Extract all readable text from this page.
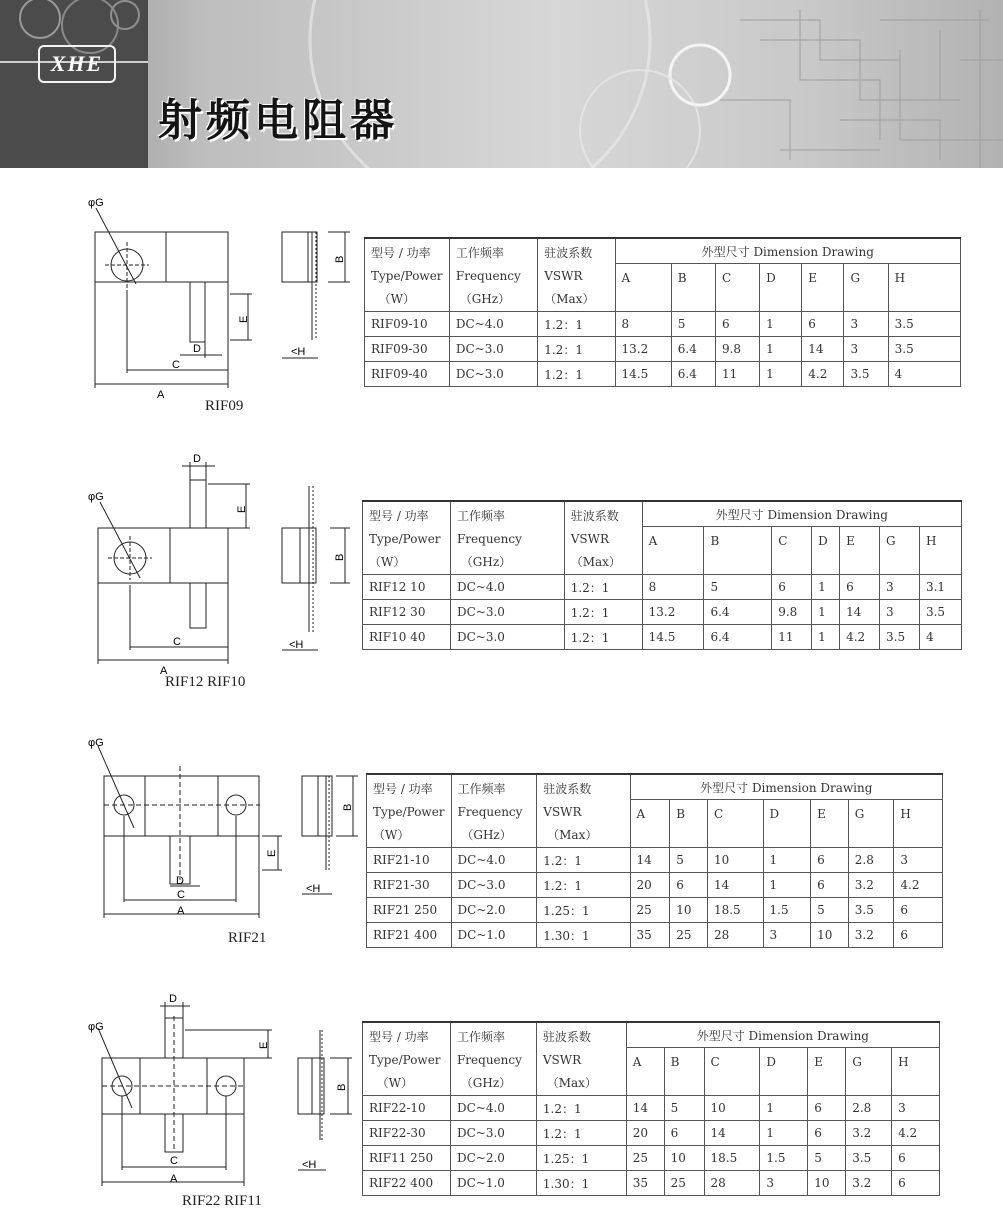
XHE
射频电阻器
φG
A
C
D
E
B
<H
RIF09
型号 / 功率
Type/Power
（W）	工作频率
Frequency
（GHz）	驻波系数
VSWR
（Max）	外型尺寸 Dimension Drawing						
			A	B	C	D	E	G	H
RIF09-10	DC~4.0	1.2：1	8	5	6	1	6	3	3.5
RIF09-30	DC~3.0	1.2：1	13.2	6.4	9.8	1	14	3	3.5
RIF09-40	DC~3.0	1.2：1	14.5	6.4	11	1	4.2	3.5	4
φG
A
C
D
E
B
<H
RIF12 RIF10
型号 / 功率
Type/Power
（W）	工作频率
Frequency
（GHz）	驻波系数
VSWR
（Max）	外型尺寸 Dimension Drawing						
			A	B	C	D	E	G	H
RIF12 10	DC~4.0	1.2：1	8	5	6	1	6	3	3.1
RIF12 30	DC~3.0	1.2：1	13.2	6.4	9.8	1	14	3	3.5
RIF10 40	DC~3.0	1.2：1	14.5	6.4	11	1	4.2	3.5	4
φG
A
C
D
E
B
<H
RIF21
型号 / 功率
Type/Power
（W）	工作频率
Frequency
（GHz）	驻波系数
VSWR
（Max）	外型尺寸 Dimension Drawing						
			A	B	C	D	E	G	H
RIF21-10	DC~4.0	1.2：1	14	5	10	1	6	2.8	3
RIF21-30	DC~3.0	1.2：1	20	6	14	1	6	3.2	4.2
RIF21 250	DC~2.0	1.25：1	25	10	18.5	1.5	5	3.5	6
RIF21 400	DC~1.0	1.30：1	35	25	28	3	10	3.2	6
φG
A
C
D
E
B
<H
RIF22 RIF11
型号 / 功率
Type/Power
（W）	工作频率
Frequency
（GHz）	驻波系数
VSWR
（Max）	外型尺寸 Dimension Drawing						
			A	B	C	D	E	G	H
RIF22-10	DC~4.0	1.2：1	14	5	10	1	6	2.8	3
RIF22-30	DC~3.0	1.2：1	20	6	14	1	6	3.2	4.2
RIF11 250	DC~2.0	1.25：1	25	10	18.5	1.5	5	3.5	6
RIF22 400	DC~1.0	1.30：1	35	25	28	3	10	3.2	6
